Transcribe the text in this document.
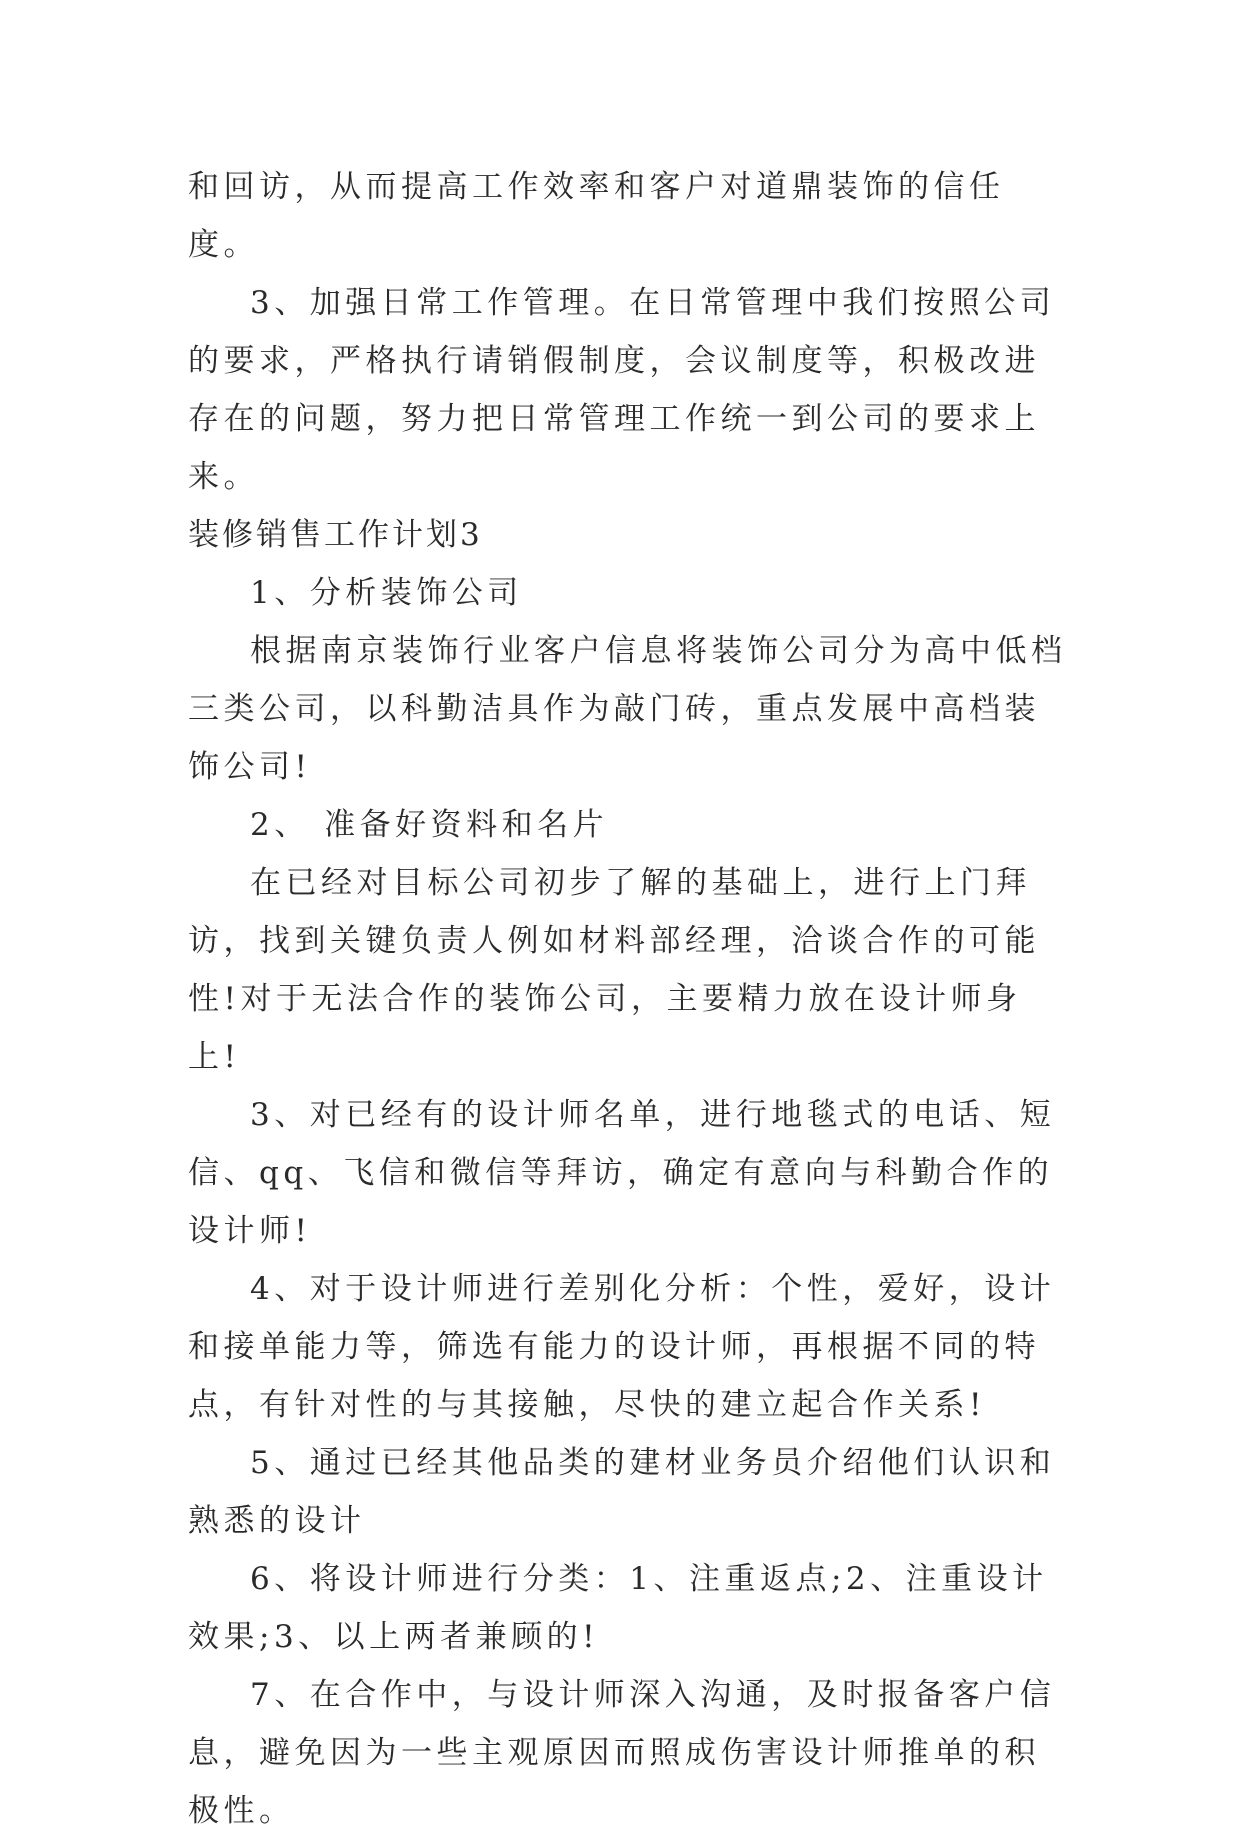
和回访，从而提高工作效率和客户对道鼎装饰的信任度。

3、加强日常工作管理。在日常管理中我们按照公司的要求，严格执行请销假制度，会议制度等，积极改进存在的问题，努力把日常管理工作统一到公司的要求上来。

装修销售工作计划3

1、分析装饰公司

根据南京装饰行业客户信息将装饰公司分为高中低档三类公司，以科勤洁具作为敲门砖，重点发展中高档装饰公司!

2、 准备好资料和名片

在已经对目标公司初步了解的基础上，进行上门拜访，找到关键负责人例如材料部经理，洽谈合作的可能性!对于无法合作的装饰公司，主要精力放在设计师身上!

3、对已经有的设计师名单，进行地毯式的电话、短信、qq、飞信和微信等拜访，确定有意向与科勤合作的设计师!

4、对于设计师进行差别化分析：个性，爱好，设计和接单能力等，筛选有能力的设计师，再根据不同的特点，有针对性的与其接触，尽快的建立起合作关系!

5、通过已经其他品类的建材业务员介绍他们认识和熟悉的设计

6、将设计师进行分类：1、注重返点;2、注重设计效果;3、以上两者兼顾的!

7、在合作中，与设计师深入沟通，及时报备客户信息，避免因为一些主观原因而照成伤害设计师推单的积极性。
